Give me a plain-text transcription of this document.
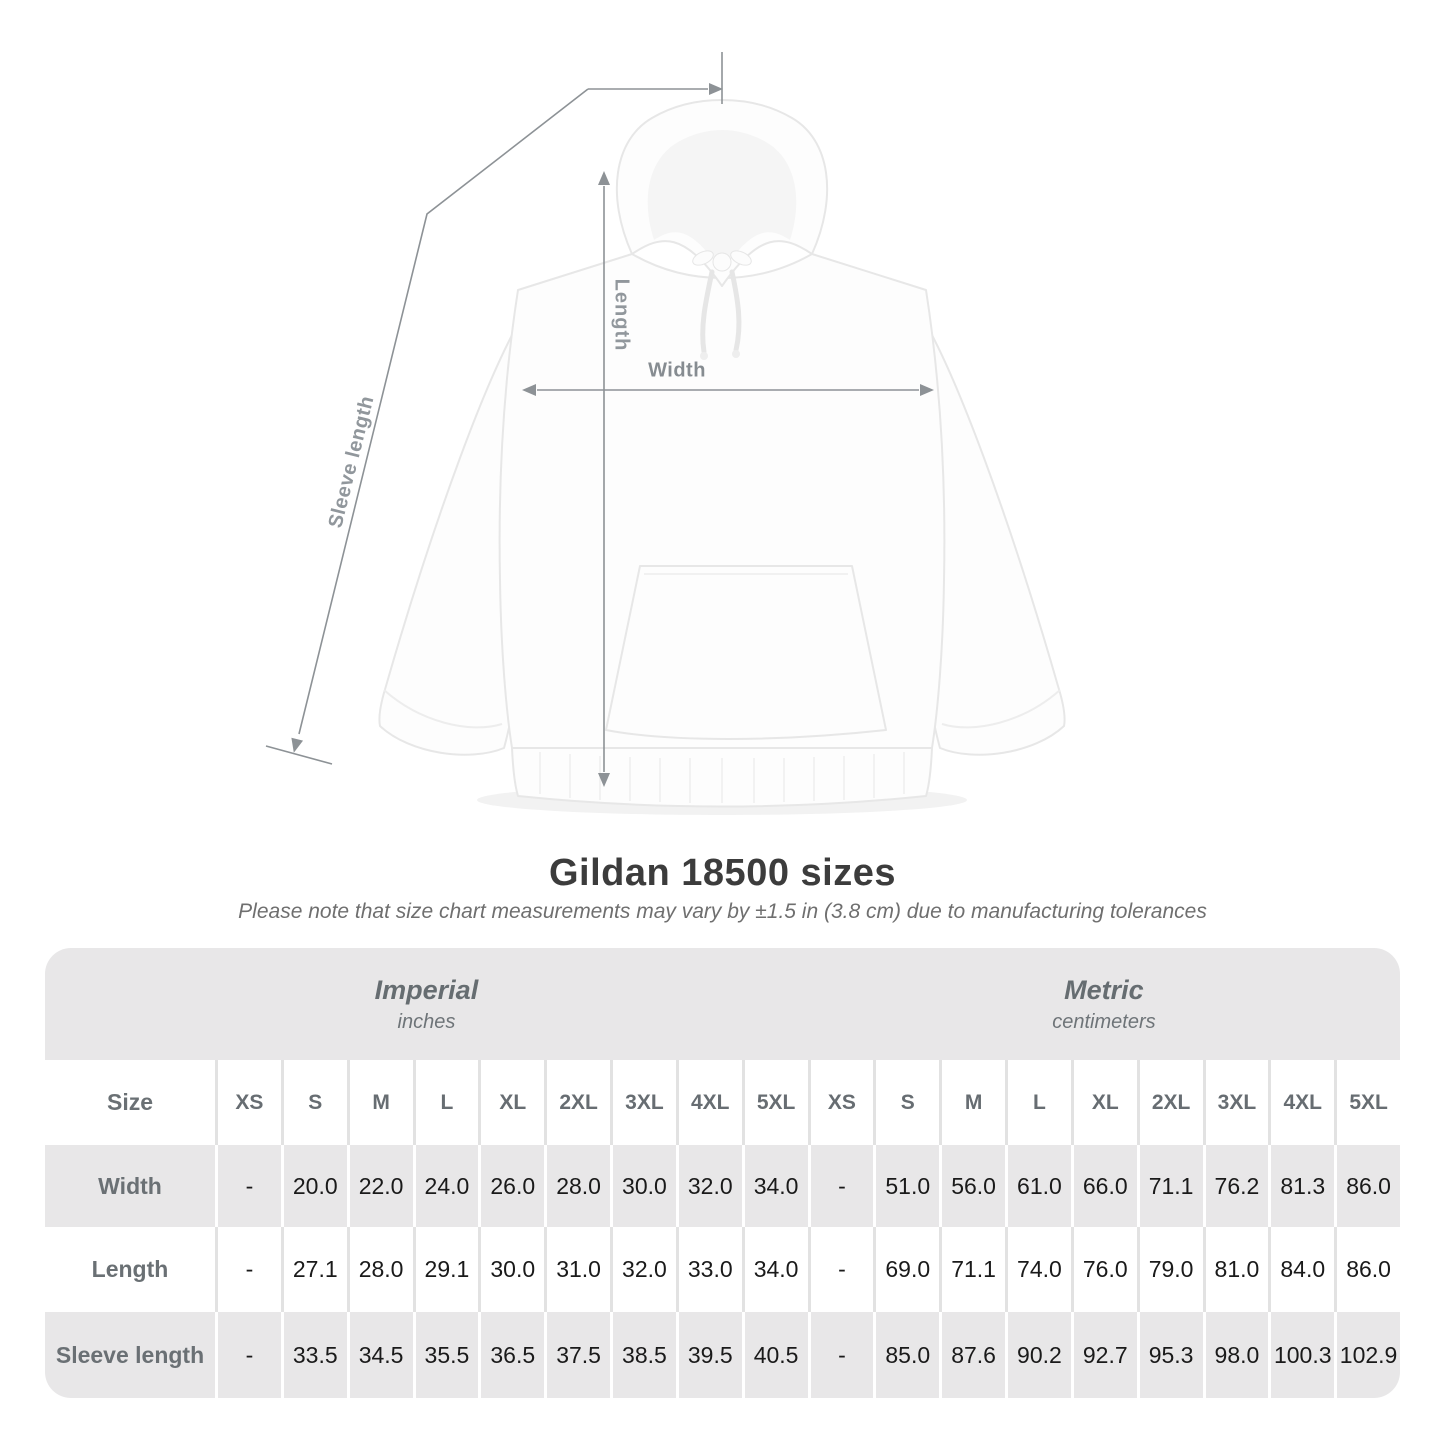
Sleeve length
Length
Width
Gildan 18500 sizes
Please note that size chart measurements may vary by ±1.5 in (3.8 cm) due to manufacturing tolerances
Imperial
inches
Metric
centimeters
Size	XS	S	M	L	XL	2XL	3XL	4XL	5XL	XS	S	M	L	XL	2XL	3XL	4XL	5XL
Width	-	20.0 22.0 24.0 26.0 28.0 30.0 32.0 34.0	-	51.0 56.0 61.0 66.0 71.1 76.2 81.3 86.0
Length	-	27.1 28.0 29.1 30.0 31.0 32.0 33.0 34.0	-	69.0 71.1 74.0 76.0 79.0 81.0 84.0 86.0
Sleeve length	-	33.5 34.5 35.5 36.5 37.5 38.5 39.5 40.5	-	85.0 87.6 90.2 92.7 95.3 98.0 100.3 102.9
